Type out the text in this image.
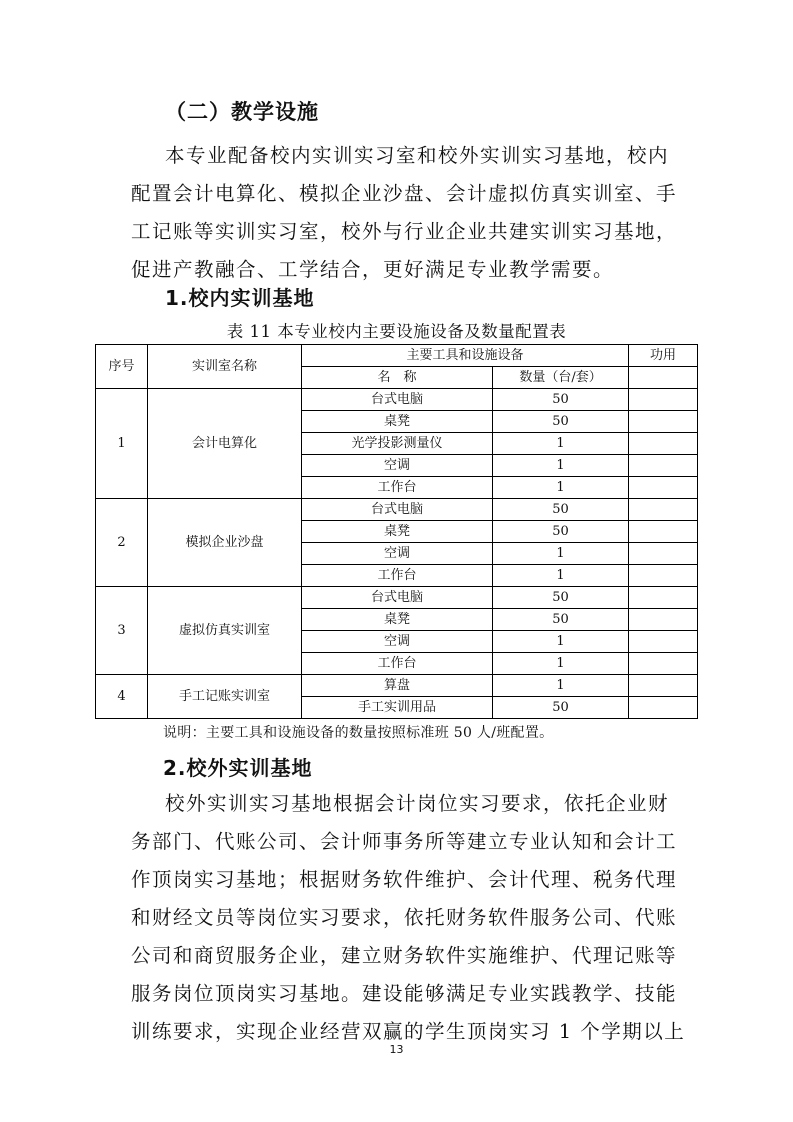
（二）教学设施
本专业配备校内实训实习室和校外实训实习基地，校内
配置会计电算化、模拟企业沙盘、会计虚拟仿真实训室、手
工记账等实训实习室，校外与行业企业共建实训实习基地，
促进产教融合、工学结合，更好满足专业教学需要。
1.校内实训基地
表 11 本专业校内主要设施设备及数量配置表
序号	实训室名称	主要工具和设施设备		功用
		名　称	数量（台/套）	
1	会计电算化	台式电脑	50	
		桌凳	50	
		光学投影测量仪	1	
		空调	1	
		工作台	1	
2	模拟企业沙盘	台式电脑	50	
		桌凳	50	
		空调	1	
		工作台	1	
3	虚拟仿真实训室	台式电脑	50	
		桌凳	50	
		空调	1	
		工作台	1	
4	手工记账实训室	算盘	1	
		手工实训用品	50	
说明：主要工具和设施设备的数量按照标准班 50 人/班配置。
2.校外实训基地
校外实训实习基地根据会计岗位实习要求，依托企业财
务部门、代账公司、会计师事务所等建立专业认知和会计工
作顶岗实习基地；根据财务软件维护、会计代理、税务代理
和财经文员等岗位实习要求，依托财务软件服务公司、代账
公司和商贸服务企业，建立财务软件实施维护、代理记账等
服务岗位顶岗实习基地。建设能够满足专业实践教学、技能
训练要求，实现企业经营双赢的学生顶岗实习 1 个学期以上
13
